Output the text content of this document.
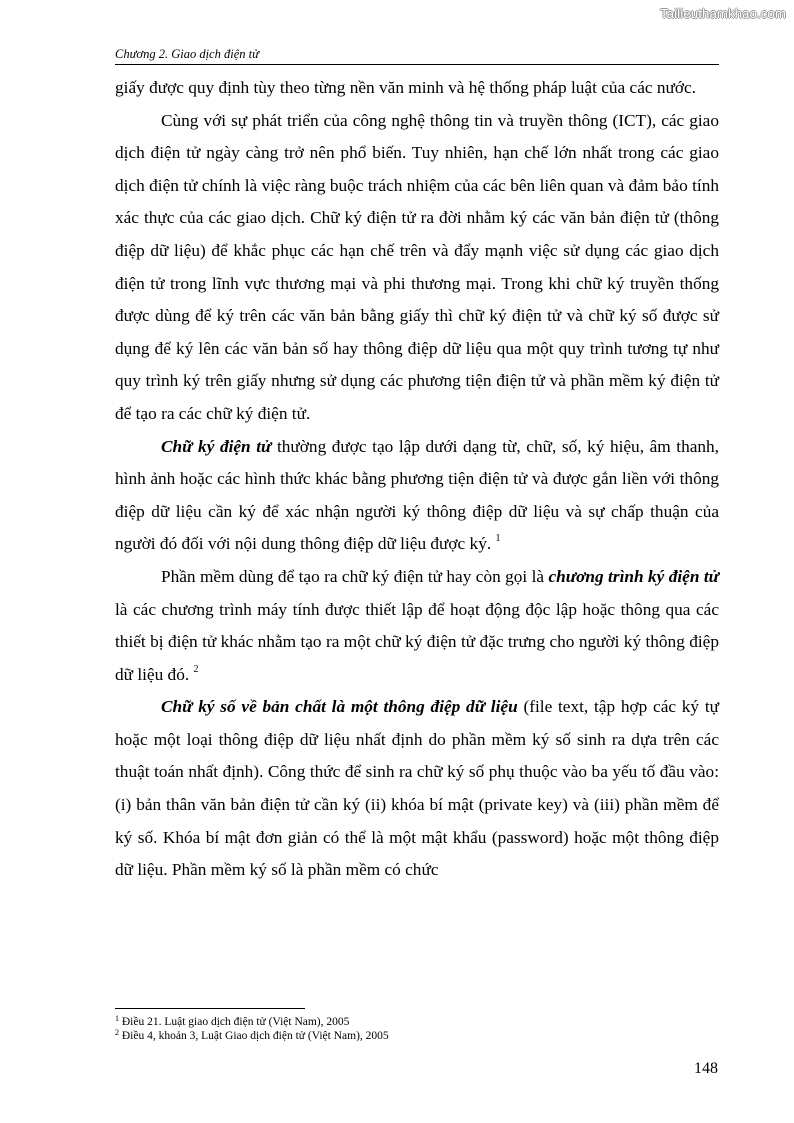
Tailieuthamkhao.com
Chương 2. Giao dịch điện tử

giấy được quy định tùy theo từng nền văn minh và hệ thống pháp luật của các nước.

Cùng với sự phát triển của công nghệ thông tin và truyền thông (ICT), các giao dịch điện tử ngày càng trở nên phổ biến. Tuy nhiên, hạn chế lớn nhất trong các giao dịch điện tử chính là việc ràng buộc trách nhiệm của các bên liên quan và đảm bảo tính xác thực của các giao dịch. Chữ ký điện tử ra đời nhằm ký các văn bản điện tử (thông điệp dữ liệu) để khắc phục các hạn chế trên và đẩy mạnh việc sử dụng các giao dịch điện tử trong lĩnh vực thương mại và phi thương mại. Trong khi chữ ký truyền thống được dùng để ký trên các văn bản bằng giấy thì chữ ký điện tử và chữ ký số được sử dụng để ký lên các văn bản số hay thông điệp dữ liệu qua một quy trình tương tự như quy trình ký trên giấy nhưng sử dụng các phương tiện điện tử và phần mềm ký điện tử để tạo ra các chữ ký điện tử.

Chữ ký điện tử thường được tạo lập dưới dạng từ, chữ, số, ký hiệu, âm thanh, hình ảnh hoặc các hình thức khác bằng phương tiện điện tử và được gắn liền với thông điệp dữ liệu cần ký để xác nhận người ký thông điệp dữ liệu và sự chấp thuận của người đó đối với nội dung thông điệp dữ liệu được ký. $^1$

Phần mềm dùng để tạo ra chữ ký điện tử hay còn gọi là chương trình ký điện tử là các chương trình máy tính được thiết lập để hoạt động độc lập hoặc thông qua các thiết bị điện tử khác nhằm tạo ra một chữ ký điện tử đặc trưng cho người ký thông điệp dữ liệu đó. $^2$

Chữ ký số về bản chất là một thông điệp dữ liệu (file text, tập hợp các ký tự hoặc một loại thông điệp dữ liệu nhất định do phần mềm ký số sinh ra dựa trên các thuật toán nhất định). Công thức để sinh ra chữ ký số phụ thuộc vào ba yếu tố đầu vào: (i) bản thân văn bản điện tử cần ký (ii) khóa bí mật (private key) và (iii) phần mềm để ký số. Khóa bí mật đơn giản có thể là một mật khẩu (password) hoặc một thông điệp dữ liệu. Phần mềm ký số là phần mềm có chức

$^1$ Điều 21. Luật giao dịch điện tử (Việt Nam), 2005
$^2$ Điều 4, khoản 3, Luật Giao dịch điện tử (Việt Nam), 2005
148
